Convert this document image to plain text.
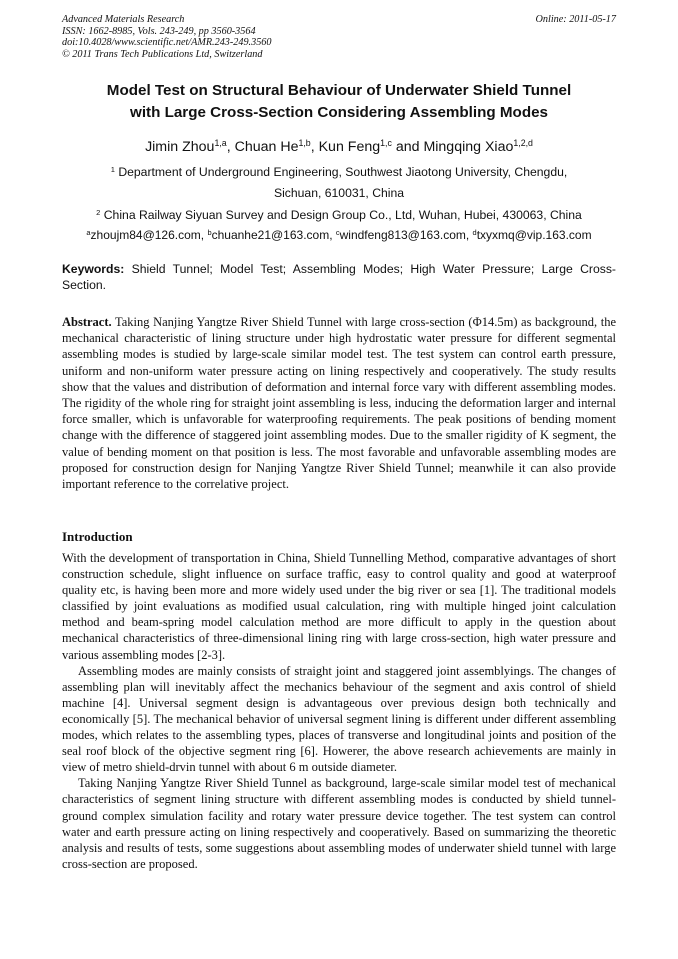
Advanced Materials Research
ISSN: 1662-8985, Vols. 243-249, pp 3560-3564
doi:10.4028/www.scientific.net/AMR.243-249.3560
© 2011 Trans Tech Publications Ltd, Switzerland
Online: 2011-05-17
Model Test on Structural Behaviour of Underwater Shield Tunnel
with Large Cross-Section Considering Assembling Modes
Jimin Zhou$^{1,a}$, Chuan He$^{1,b}$, Kun Feng$^{1,c}$ and Mingqing Xiao$^{1,2,d}$
$^1$ Department of Underground Engineering, Southwest Jiaotong University, Chengdu,
Sichuan, 610031, China
$^2$ China Railway Siyuan Survey and Design Group Co., Ltd, Wuhan, Hubei, 430063, China
$^a$zhoujm84@126.com, $^b$chuanhe21@163.com, $^c$windfeng813@163.com, $^d$txyxmq@vip.163.com
Keywords: Shield Tunnel; Model Test; Assembling Modes; High Water Pressure; Large Cross-Section.
Abstract. Taking Nanjing Yangtze River Shield Tunnel with large cross-section (Φ14.5m) as background, the mechanical characteristic of lining structure under high hydrostatic water pressure for different segmental assembling modes is studied by large-scale similar model test. The test system can control earth pressure, uniform and non-uniform water pressure acting on lining respectively and cooperatively. The study results show that the values and distribution of deformation and internal force vary with different assembling modes. The rigidity of the whole ring for straight joint assembling is less, inducing the deformation larger and internal force smaller, which is unfavorable for waterproofing requirements. The peak positions of bending moment change with the difference of staggered joint assembling modes. Due to the smaller rigidity of K segment, the value of bending moment on that position is less. The most favorable and unfavorable assembling modes are proposed for construction design for Nanjing Yangtze River Shield Tunnel; meanwhile it can also provide important reference to the correlative project.
Introduction

With the development of transportation in China, Shield Tunnelling Method, comparative advantages of short construction schedule, slight influence on surface traffic, easy to control quality and good at waterproof quality etc, is having been more and more widely used under the big river or sea [1]. The traditional models classified by joint evaluations as modified usual calculation, ring with multiple hinged joint calculation method and beam-spring model calculation method are more difficult to apply in the question about mechanical characteristics of three-dimensional lining ring with large cross-section, high water pressure and various assembling modes [2-3].

Assembling modes are mainly consists of straight joint and staggered joint assemblyings. The changes of assembling plan will inevitably affect the mechanics behaviour of the segment and axis control of shield machine [4]. Universal segment design is advantageous over previous design both technically and economically [5]. The mechanical behavior of universal segment lining is different under different assembling modes, which relates to the assembling types, places of transverse and longitudinal joints and position of the seal roof block of the objective segment ring [6]. Howerer, the above research achievements are mainly in view of metro shield-drvin tunnel with about 6 m outside diameter.

Taking Nanjing Yangtze River Shield Tunnel as background, large-scale similar model test of mechanical characteristics of segment lining structure with different assembling modes is conducted by shield tunnel-ground complex simulation facility and rotary water pressure device together. The test system can control water and earth pressure acting on lining respectively and cooperatively. Based on summarizing the theoretic analysis and results of tests, some suggestions about assembling modes of underwater shield tunnel with large cross-section are proposed.
